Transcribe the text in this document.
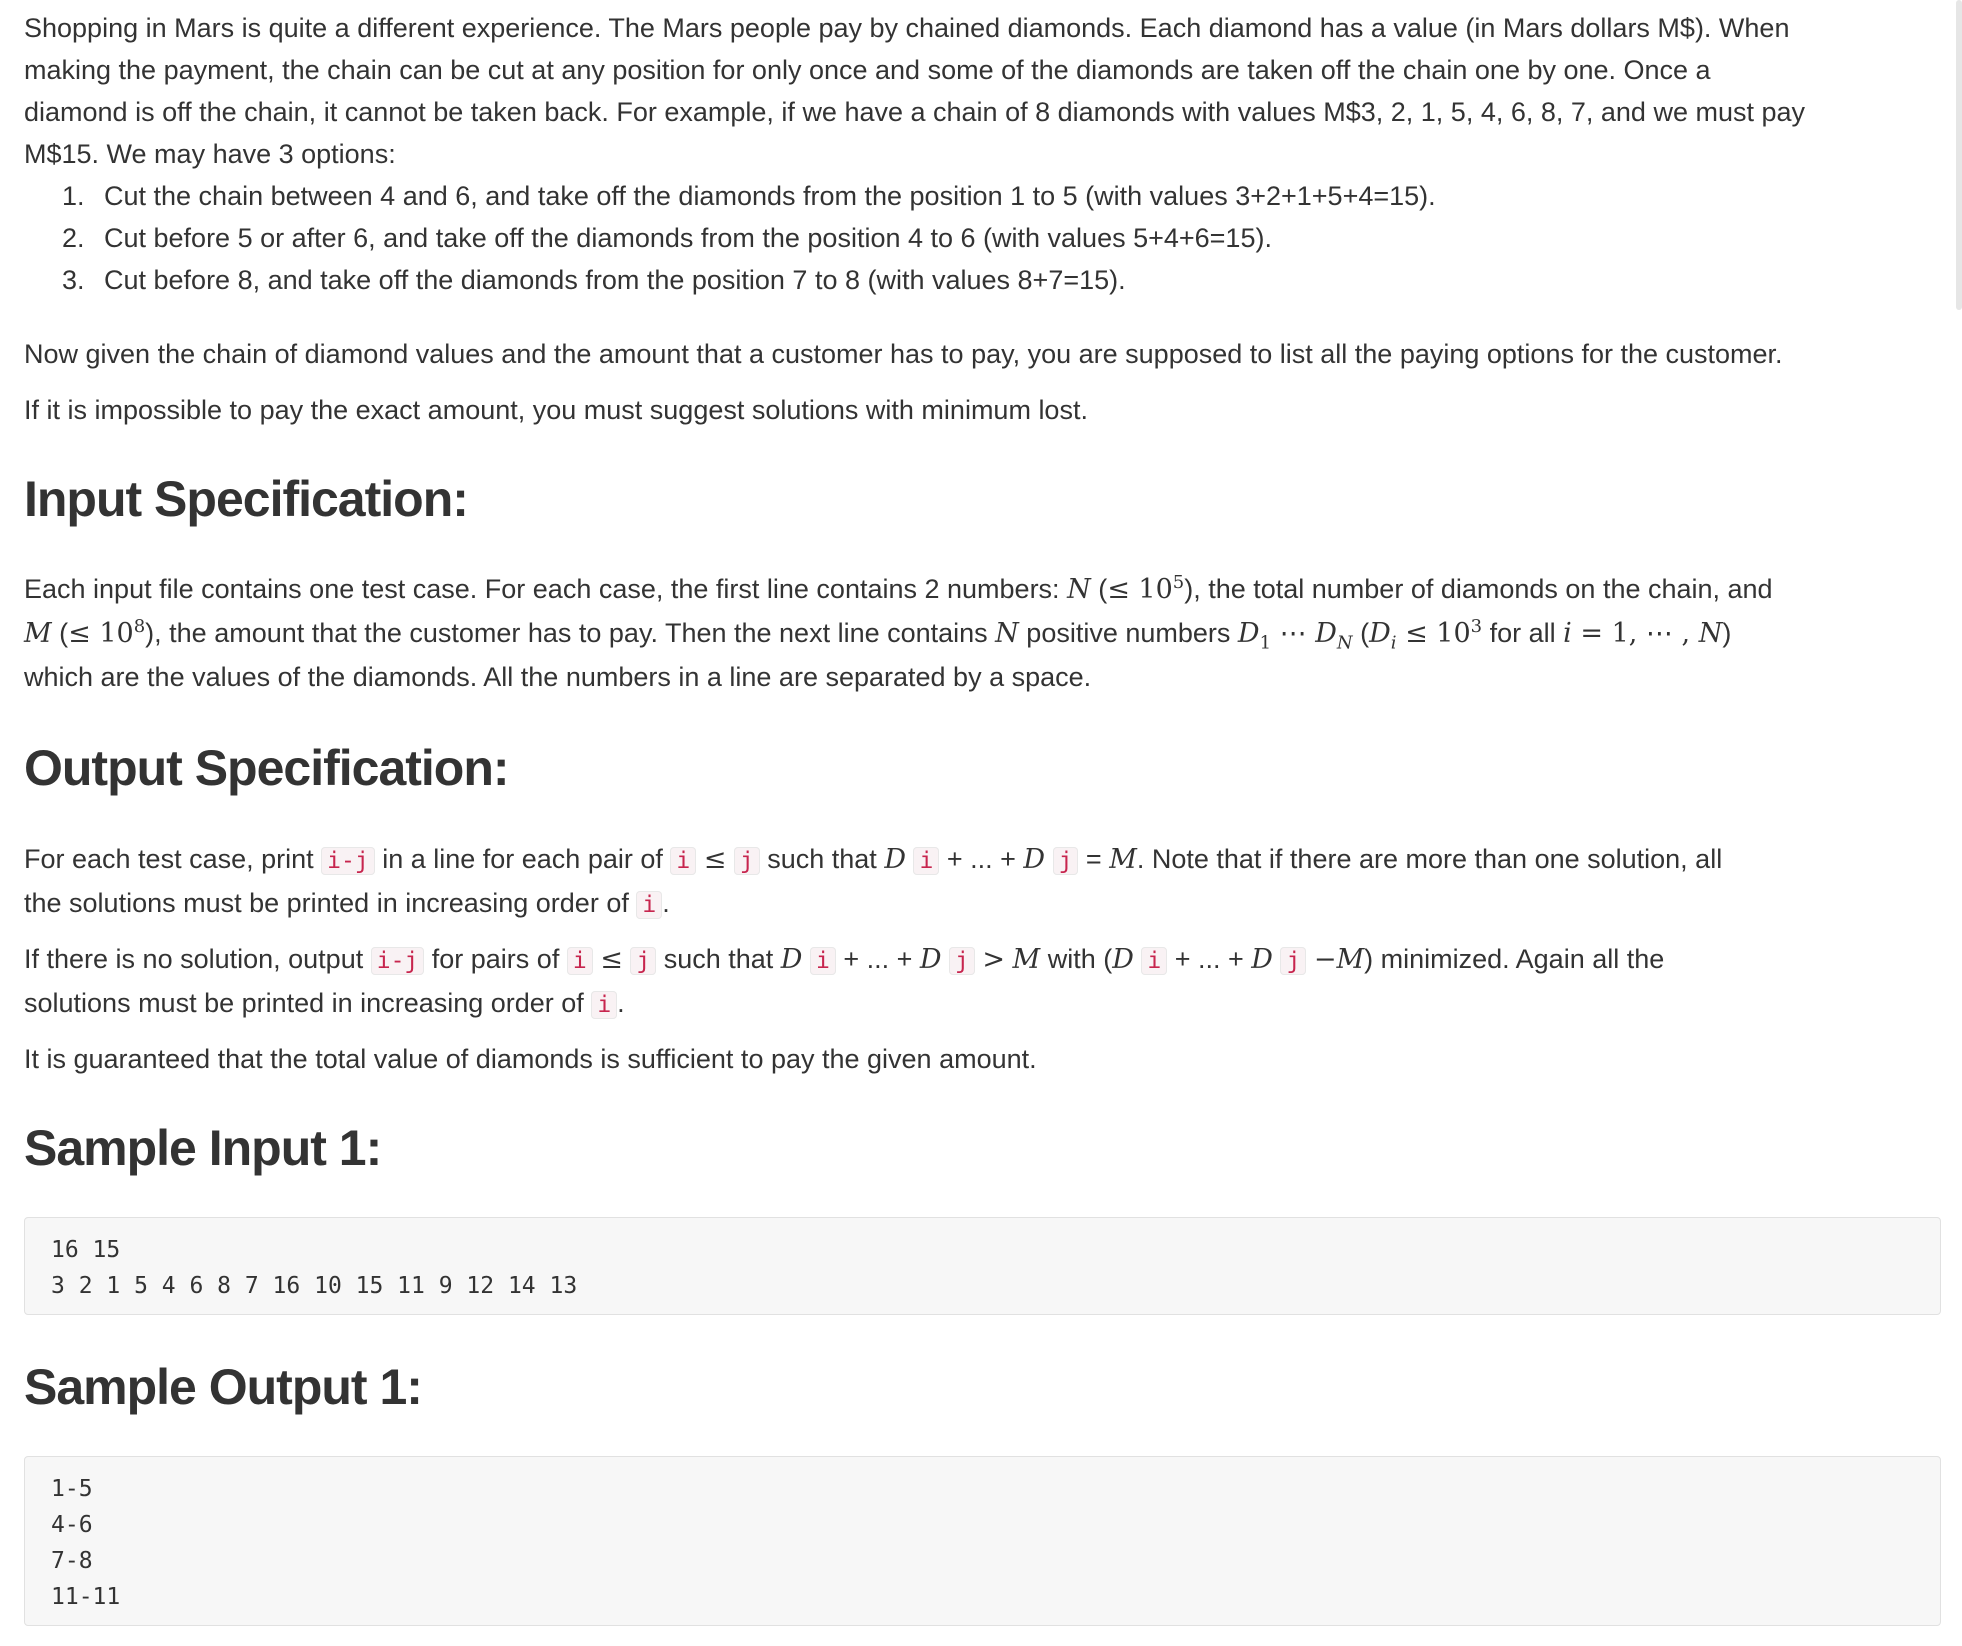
Shopping in Mars is quite a different experience. The Mars people pay by chained diamonds. Each diamond has a value (in Mars dollars M$). When
making the payment, the chain can be cut at any position for only once and some of the diamonds are taken off the chain one by one. Once a
diamond is off the chain, it cannot be taken back. For example, if we have a chain of 8 diamonds with values M$3, 2, 1, 5, 4, 6, 8, 7, and we must pay
M$15. We may have 3 options:
1. Cut the chain between 4 and 6, and take off the diamonds from the position 1 to 5 (with values 3+2+1+5+4=15).
2. Cut before 5 or after 6, and take off the diamonds from the position 4 to 6 (with values 5+4+6=15).
3. Cut before 8, and take off the diamonds from the position 7 to 8 (with values 8+7=15).
Now given the chain of diamond values and the amount that a customer has to pay, you are supposed to list all the paying options for the customer.
If it is impossible to pay the exact amount, you must suggest solutions with minimum lost.
Input Specification:
Each input file contains one test case. For each case, the first line contains 2 numbers: N (≤ $10^5$), the total number of diamonds on the chain, and
M (≤ $10^8$), the amount that the customer has to pay. Then the next line contains N positive numbers $D_1$ ⋯ $D_N$ ($D_i \le 10^3$ for all i = 1, ⋯ , N)
which are the values of the diamonds. All the numbers in a line are separated by a space.
Output Specification:
For each test case, print i-j in a line for each pair of i ≤ j such that D i + ... + D j = M. Note that if there are more than one solution, all
the solutions must be printed in increasing order of i .
If there is no solution, output i-j for pairs of i ≤ j such that D i + ... + D j > M with (D i + ... + D j −M) minimized. Again all the
solutions must be printed in increasing order of i .
It is guaranteed that the total value of diamonds is sufficient to pay the given amount.
Sample Input 1:
16 15
3 2 1 5 4 6 8 7 16 10 15 11 9 12 14 13
Sample Output 1:
1-5
4-6
7-8
11-11
